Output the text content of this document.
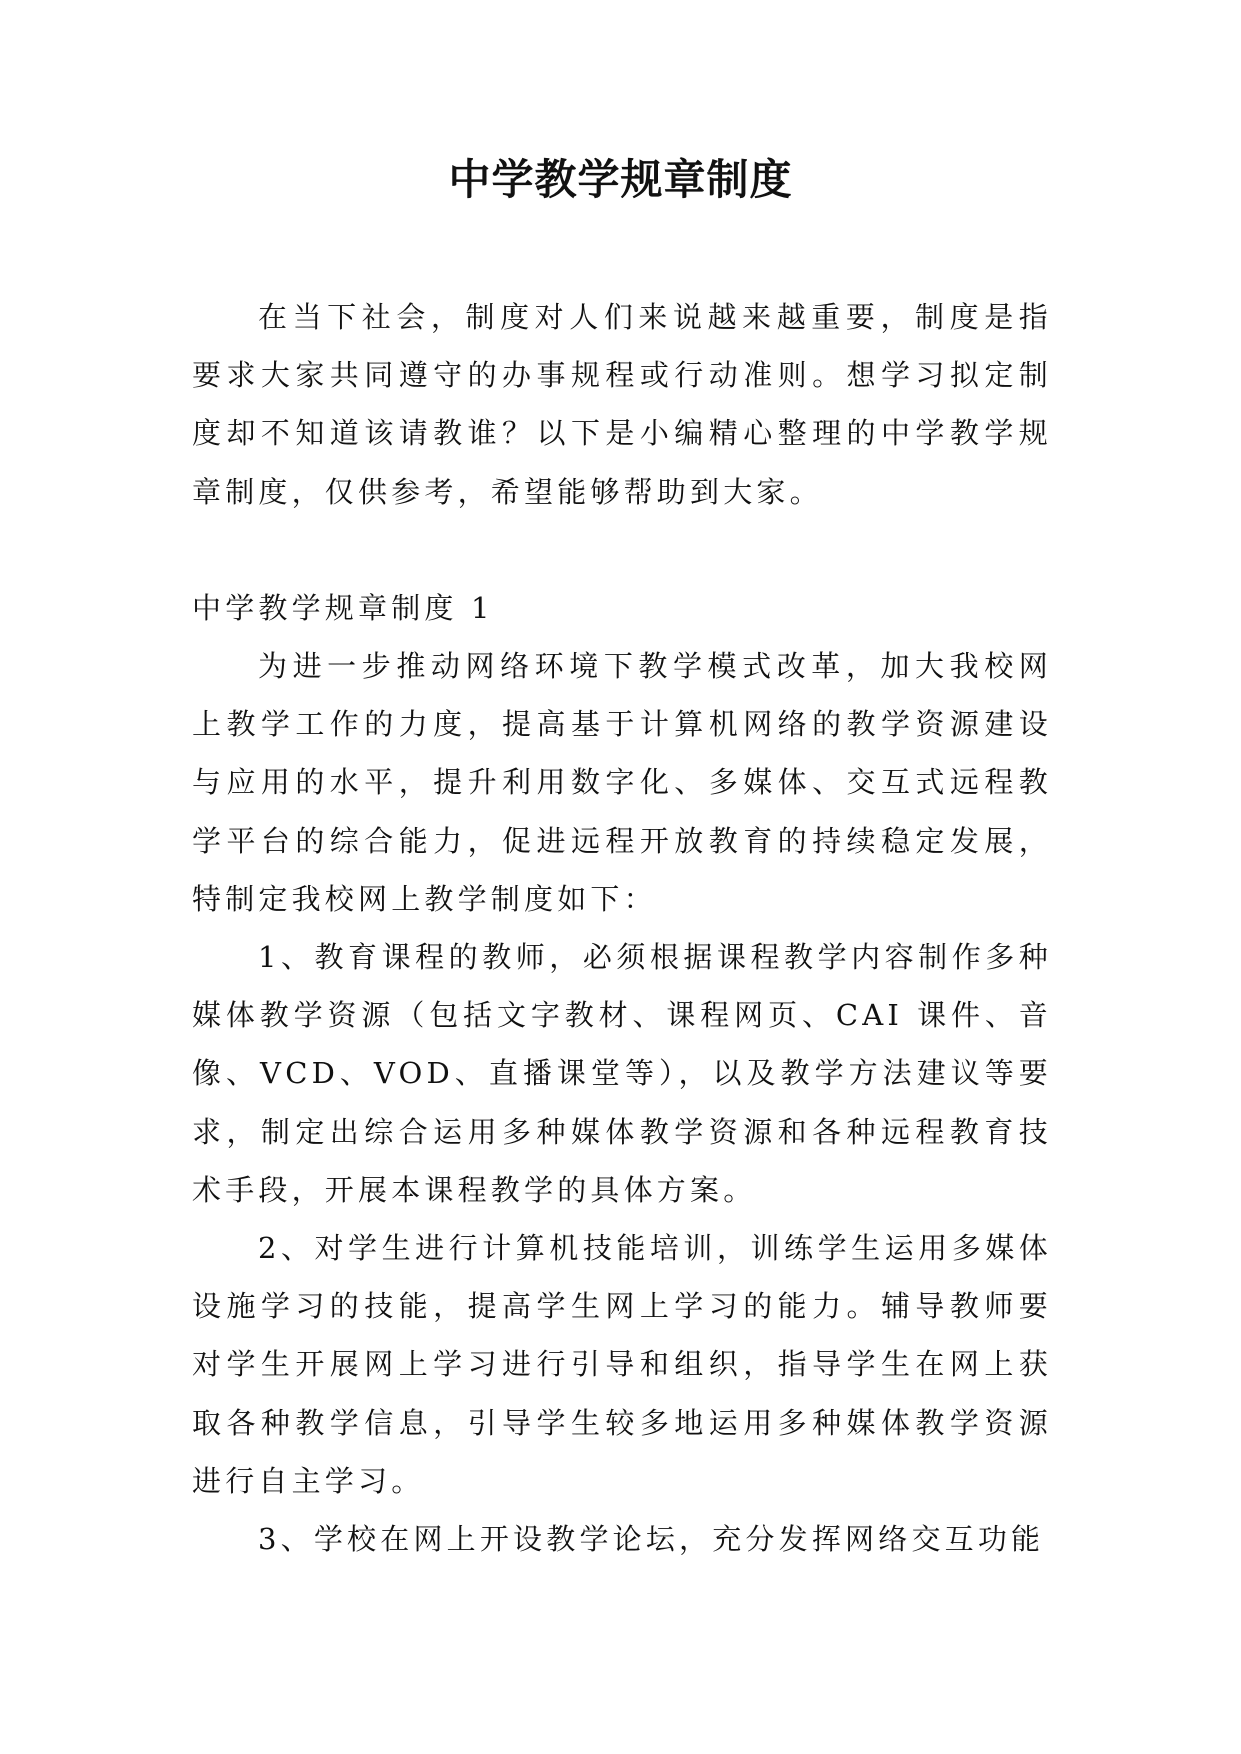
中学教学规章制度

在当下社会，制度对人们来说越来越重要，制度是指要求大家共同遵守的办事规程或行动准则。想学习拟定制度却不知道该请教谁？以下是小编精心整理的中学教学规章制度，仅供参考，希望能够帮助到大家。

中学教学规章制度 1

为进一步推动网络环境下教学模式改革，加大我校网上教学工作的力度，提高基于计算机网络的教学资源建设与应用的水平，提升利用数字化、多媒体、交互式远程教学平台的综合能力，促进远程开放教育的持续稳定发展，特制定我校网上教学制度如下：

1、教育课程的教师，必须根据课程教学内容制作多种媒体教学资源（包括文字教材、课程网页、CAI 课件、音像、VCD、VOD、直播课堂等），以及教学方法建议等要求，制定出综合运用多种媒体教学资源和各种远程教育技术手段，开展本课程教学的具体方案。

2、对学生进行计算机技能培训，训练学生运用多媒体设施学习的技能，提高学生网上学习的能力。辅导教师要对学生开展网上学习进行引导和组织，指导学生在网上获取各种教学信息，引导学生较多地运用多种媒体教学资源进行自主学习。

3、学校在网上开设教学论坛，充分发挥网络交互功能
